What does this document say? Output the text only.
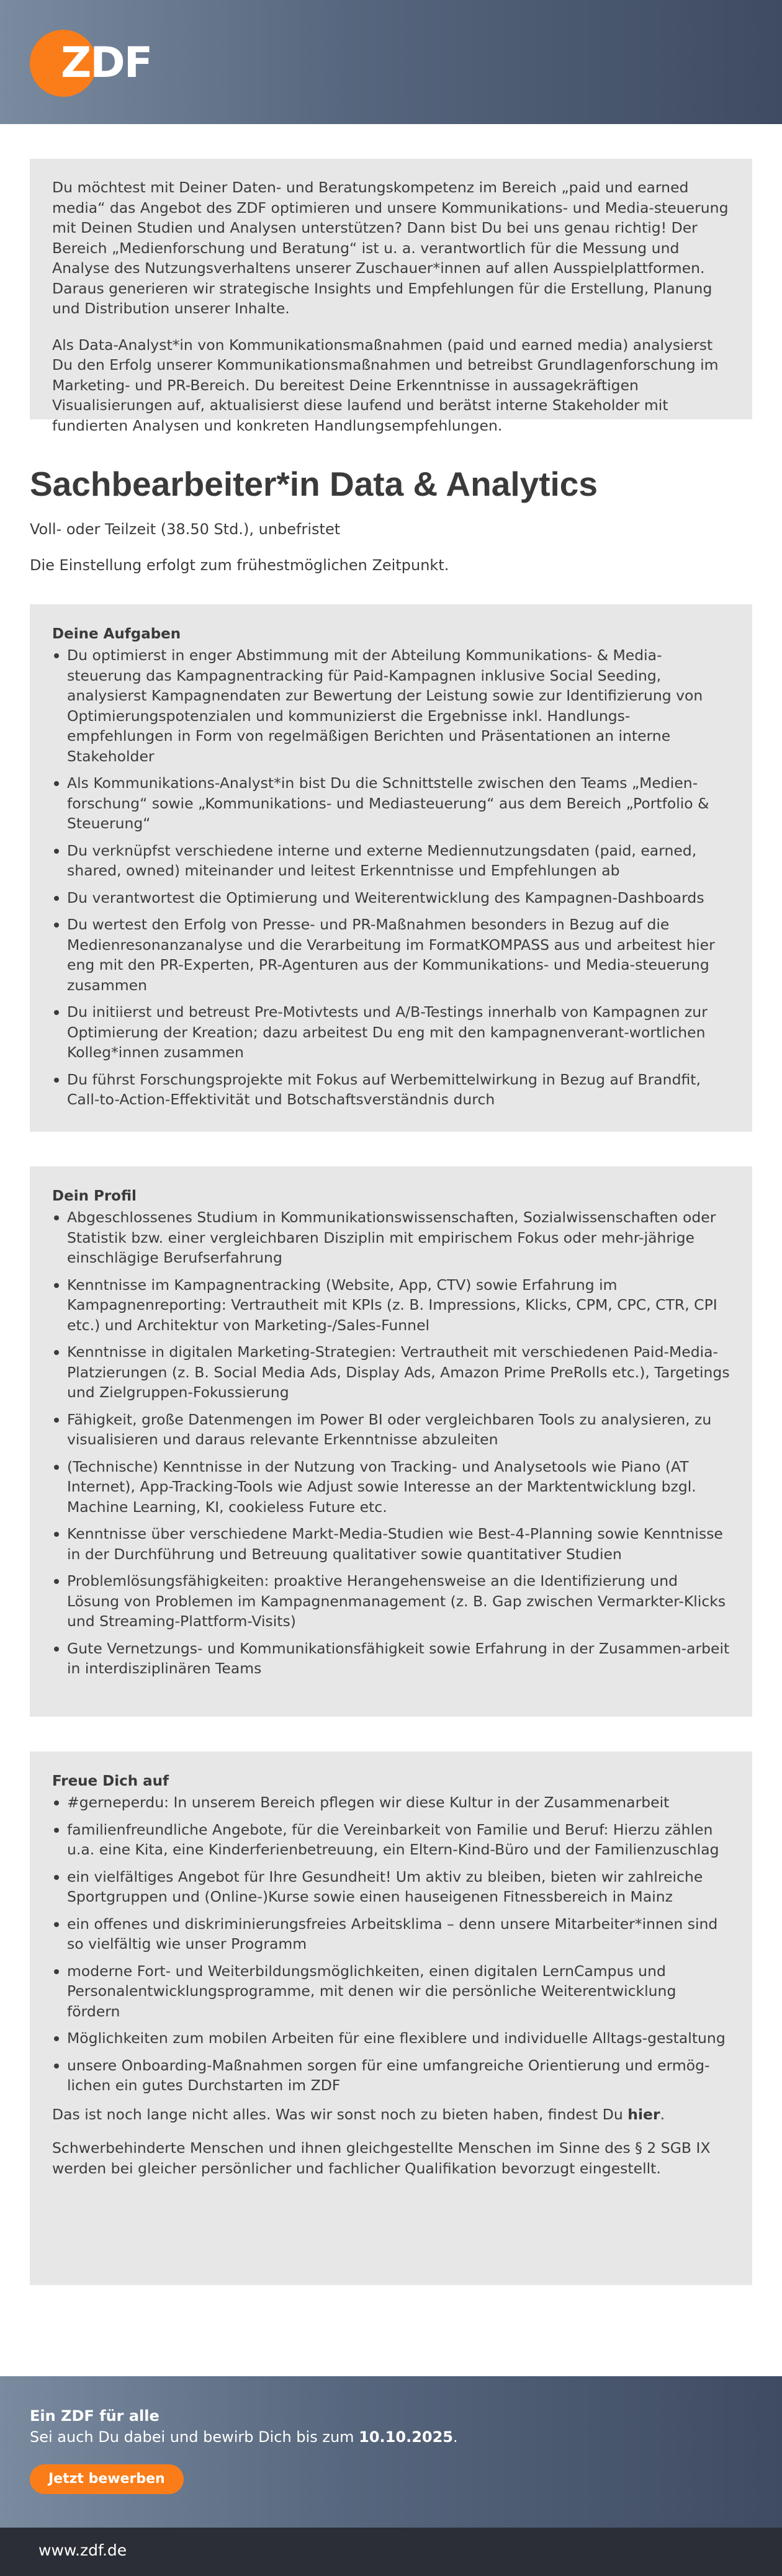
ZDF

Du möchtest mit Deiner Daten- und Beratungskompetenz im Bereich „paid und earned media“ das Angebot des ZDF optimieren und unsere Kommunikations- und Media-steuerung mit Deinen Studien und Analysen unterstützen? Dann bist Du bei uns genau richtig! Der Bereich „Medienforschung und Beratung“ ist u. a. verantwortlich für die Messung und Analyse des Nutzungsverhaltens unserer Zuschauer*innen auf allen Ausspielplattformen. Daraus generieren wir strategische Insights und Empfehlungen für die Erstellung, Planung und Distribution unserer Inhalte.

Als Data-Analyst*in von Kommunikationsmaßnahmen (paid und earned media) analysierst Du den Erfolg unserer Kommunikationsmaßnahmen und betreibst Grundlagenforschung im Marketing- und PR-Bereich. Du bereitest Deine Erkenntnisse in aussagekräftigen Visualisierungen auf, aktualisierst diese laufend und berätst interne Stakeholder mit fundierten Analysen und konkreten Handlungsempfehlungen.

Sachbearbeiter*in Data & Analytics
Voll- oder Teilzeit (38.50 Std.), unbefristet
Die Einstellung erfolgt zum frühestmöglichen Zeitpunkt.
Deine Aufgaben
Du optimierst in enger Abstimmung mit der Abteilung Kommunikations- & Media-steuerung das Kampagnentracking für Paid-Kampagnen inklusive Social Seeding, analysierst Kampagnendaten zur Bewertung der Leistung sowie zur Identifizierung von Optimierungspotenzialen und kommunizierst die Ergebnisse inkl. Handlungs-empfehlungen in Form von regelmäßigen Berichten und Präsentationen an interne Stakeholder
Als Kommunikations-Analyst*in bist Du die Schnittstelle zwischen den Teams „Medien-forschung“ sowie „Kommunikations- und Mediasteuerung“ aus dem Bereich „Portfolio & Steuerung“
Du verknüpfst verschiedene interne und externe Mediennutzungsdaten (paid, earned, shared, owned) miteinander und leitest Erkenntnisse und Empfehlungen ab
Du verantwortest die Optimierung und Weiterentwicklung des Kampagnen-Dashboards
Du wertest den Erfolg von Presse- und PR-Maßnahmen besonders in Bezug auf die Medienresonanzanalyse und die Verarbeitung im FormatKOMPASS aus und arbeitest hier eng mit den PR-Experten, PR-Agenturen aus der Kommunikations- und Media-steuerung zusammen
Du initiierst und betreust Pre-Motivtests und A/B-Testings innerhalb von Kampagnen zur Optimierung der Kreation; dazu arbeitest Du eng mit den kampagnenverant-wortlichen Kolleg*innen zusammen
Du führst Forschungsprojekte mit Fokus auf Werbemittelwirkung in Bezug auf Brandfit, Call-to-Action-Effektivität und Botschaftsverständnis durch
Dein Profil
Abgeschlossenes Studium in Kommunikationswissenschaften, Sozialwissenschaften oder Statistik bzw. einer vergleichbaren Disziplin mit empirischem Fokus oder mehr-jährige einschlägige Berufserfahrung
Kenntnisse im Kampagnentracking (Website, App, CTV) sowie Erfahrung im Kampagnenreporting: Vertrautheit mit KPIs (z. B. Impressions, Klicks, CPM, CPC, CTR, CPI etc.) und Architektur von Marketing-/Sales-Funnel
Kenntnisse in digitalen Marketing-Strategien: Vertrautheit mit verschiedenen Paid-Media-Platzierungen (z. B. Social Media Ads, Display Ads, Amazon Prime PreRolls etc.), Targetings und Zielgruppen-Fokussierung
Fähigkeit, große Datenmengen im Power BI oder vergleichbaren Tools zu analysieren, zu visualisieren und daraus relevante Erkenntnisse abzuleiten
(Technische) Kenntnisse in der Nutzung von Tracking- und Analysetools wie Piano (AT Internet), App-Tracking-Tools wie Adjust sowie Interesse an der Marktentwicklung bzgl. Machine Learning, KI, cookieless Future etc.
Kenntnisse über verschiedene Markt-Media-Studien wie Best-4-Planning sowie Kenntnisse in der Durchführung und Betreuung qualitativer sowie quantitativer Studien
Problemlösungsfähigkeiten: proaktive Herangehensweise an die Identifizierung und Lösung von Problemen im Kampagnenmanagement (z. B. Gap zwischen Vermarkter-Klicks und Streaming-Plattform-Visits)
Gute Vernetzungs- und Kommunikationsfähigkeit sowie Erfahrung in der Zusammen-arbeit in interdisziplinären Teams
Freue Dich auf
#gerneperdu: In unserem Bereich pflegen wir diese Kultur in der Zusammenarbeit
familienfreundliche Angebote, für die Vereinbarkeit von Familie und Beruf: Hierzu zählen u.a. eine Kita, eine Kinderferienbetreuung, ein Eltern-Kind-Büro und der Familienzuschlag
ein vielfältiges Angebot für Ihre Gesundheit! Um aktiv zu bleiben, bieten wir zahlreiche Sportgruppen und (Online-)Kurse sowie einen hauseigenen Fitnessbereich in Mainz
ein offenes und diskriminierungsfreies Arbeitsklima – denn unsere Mitarbeiter*innen sind so vielfältig wie unser Programm
moderne Fort- und Weiterbildungsmöglichkeiten, einen digitalen LernCampus und Personalentwicklungsprogramme, mit denen wir die persönliche Weiterentwicklung fördern
Möglichkeiten zum mobilen Arbeiten für eine flexiblere und individuelle Alltags-gestaltung
unsere Onboarding-Maßnahmen sorgen für eine umfangreiche Orientierung und ermög-lichen ein gutes Durchstarten im ZDF

Das ist noch lange nicht alles. Was wir sonst noch zu bieten haben, findest Du hier.

Schwerbehinderte Menschen und ihnen gleichgestellte Menschen im Sinne des § 2 SGB IX werden bei gleicher persönlicher und fachlicher Qualifikation bevorzugt eingestellt.

Ein ZDF für alle
Sei auch Du dabei und bewirb Dich bis zum 10.10.2025.
Jetzt bewerben
www.zdf.de
